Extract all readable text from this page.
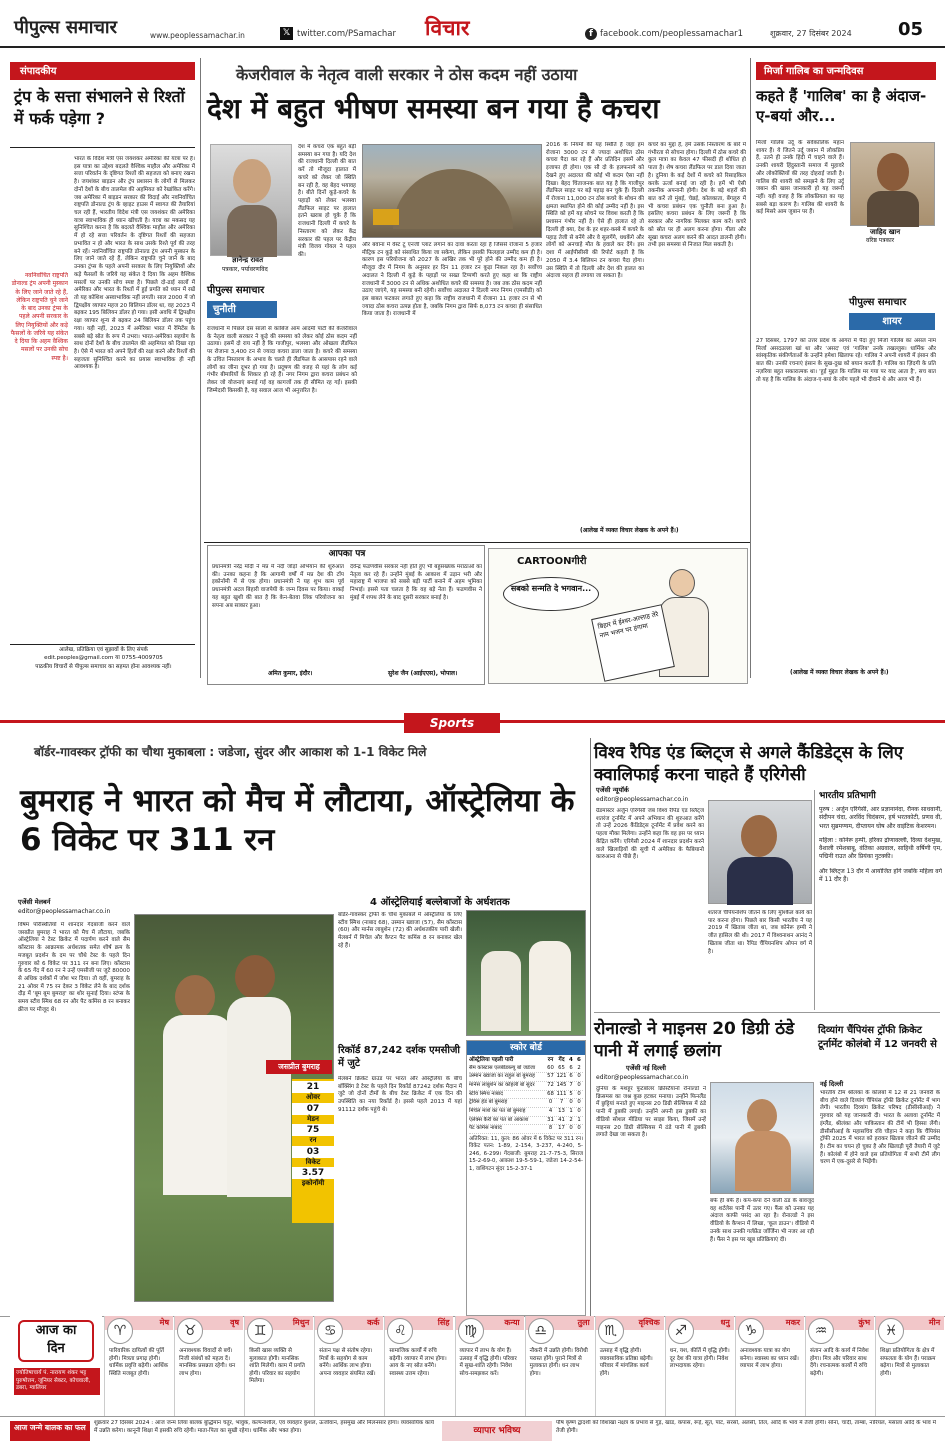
पीपुल्स समाचार	www.peoplessamachar.in	𝕏 twitter.com/PSamachar विचार	f facebook.com/peoplessamachar1	शुक्रवार, 27 दिसंबर 2024	05
संपादकीय
ट्रंप के सत्ता संभालने से रिश्तों में फर्क पड़ेगा ?
नवनिर्वाचित राष्ट्रपति डोनाल्ड ट्रंप अपनी मुस्कान के लिए जाने जाते रहे हैं, लेकिन राष्ट्रपति चुने जाने के बाद उनका ट्रंप्स के पहले अपनी सरकार के लिए नियुक्तियों और कड़े फैसलों के जरिये यह संकेत दे दिया कि अहम वैश्विक मसलों पर उनकी सोच स्पष्ट है।
भारत के विदेश मंत्री एस जयशंकर अमेरिका की यात्रा पर हैं। इस यात्रा का उद्देश्य बदलते वैश्विक माहौल और अमेरिका में सत्ता परिवर्तन के दृष्टिगत रिश्तों की सहजता को बनाए रखना है। जयशंकर बाइडन और ट्रंप प्रशासन के लोगों से मिलकर दोनों देशों के बीच तालमेल की अहमियत को रेखांकित करेंगे। जब अमेरिका में बाइडन सरकार की विदाई और नवनिर्वाचित राष्ट्रपति डोनाल्ड ट्रंप के व्हाइट हाउस में स्वागत की तैयारियां चल रही हैं, भारतीय विदेश मंत्री एस जयशंकर की अमेरिका यात्रा स्वाभाविक ही ध्यान खींचती है। यात्रा का मकसद यह सुनिश्चित करना है कि बदलते वैश्विक माहौल और अमेरिका में हो रहे सत्ता परिवर्तन के दृष्टिगत रिश्तों की सहजता प्रभावित न हो और भारत के साथ उसके रिश्ते पूर्व की तरह बने रहें। नवनिर्वाचित राष्ट्रपति डोनाल्ड ट्रंप अपनी मुस्कान के लिए जाने जाते रहे हैं, लेकिन राष्ट्रपति चुने जाने के बाद उनका ट्रंप्स के पहले अपनी सरकार के लिए नियुक्तियों और कड़े फैसलों के जरिये यह संकेत दे दिया कि अहम वैश्विक मसलों पर उनकी सोच स्पष्ट है। पिछले दो-ढाई सालों में अमेरिका और भारत के रिश्तों में हुई प्रगति को ध्यान में रखें तो यह कोशिश अस्वाभाविक नहीं लगती। साल 2000 में जो द्विपक्षीय व्यापार महज 20 बिलियन डॉलर था, वह 2023 में बढ़कर 195 बिलियन डॉलर हो गया। इसी अवधि में द्विपक्षीय रक्षा व्यापार शून्य से बढ़कर 24 बिलियन डॉलर तक पहुंच गया। यही नहीं, 2023 में अमेरिका भारत में रेमिटेंस के सबसे बड़े स्रोत के रूप में उभरा। भारत-अमेरिका सहयोग के साथ दोनों देशों के बीच तालमेल की अहमियत को दिखा रहा है। ऐसे में भारत को अपने हितों की रक्षा करने और रिश्तों की सहजता सुनिश्चित करने का प्रयास स्वाभाविक ही नहीं आवश्यक है।
आलेख, प्रतिक्रिया एवं सुझावों के लिए संपर्क
edit.peoples@gmail.com या 0755-4009705
पाठकीय विचारों से पीपुल्स समाचार का सहमत होना आवश्यक नहीं।
केजरीवाल के नेतृत्व वाली सरकार ने ठोस कदम नहीं उठाया
देश में बहुत भीषण समस्या बन गया है कचरा
ज्ञानेन्द्र रावत
पत्रकार, पर्यावरणविद
देश में कचरा एक बहुत बड़ी समस्या बन गया है। यदि देश की राजधानी दिल्ली की बात करें तो मौजूदा हालात में कचरे को लेकर जो स्थिति बन रही है, वह बेहद भयावह है। बीते दिनों कूड़े-कचरे के पहाड़ों को लेकर भलस्वा लैंडफिल साइट पर हालात इतने खराब हो चुके हैं कि राजधानी दिल्ली में कचरे के निस्तारण को लेकर केंद्र सरकार की पहल पर केंद्रीय मंत्री विजय गोयल ने पहल की।
पीपुल्स समाचार
चुनौती
राजधानी में पिछले दस सालों से काबिज आम आदमी पार्टी की केजरीवाल के नेतृत्व वाली सरकार ने कूड़े की समस्या को लेकर कोई ठोस कदम नहीं उठाया। इसमें दो राय नहीं है कि गाजीपुर, भलस्वा और ओखला लैंडफिल पर रोजाना 3,400 टन से ज्यादा कचरा डाला जाता है। कचरे की समस्या के उचित निस्तारण के अभाव के चलते ही लैंडफिल के आसपास रहने वाले लोगों का जीना दूभर हो गया है। प्रदूषण की वजह से यहां के लोग कई गंभीर बीमारियों के शिकार हो रहे हैं। नगर निगम द्वारा कचरा प्रबंधन को लेकर जो योजनाएं बनाई गई वह कागजों तक ही सीमित रह गईं। इसकी जिम्मेदारी किसकी है, यह सवाल आज भी अनुत्तरित है।
और बवाना में वेस्ट टू एनर्जी प्लांट लगाने का दावा करता रहा है जिससे रोजाना 5 हजार मीट्रिक टन कूड़े को संसाधित किया जा सकेगा, लेकिन इसकी फिलहाल उम्मीद कम ही है। कारण इस परियोजना को 2027 के आखिर तक भी पूरे होने की उम्मीद कम ही है। मौजूदा दौर में निगम के अनुसार हर दिन 11 हजार टन कूड़ा निकल रहा है। सर्वोच्च अदालत ने दिल्ली में कूड़े के पहाड़ों पर सख्त टिप्पणी करते हुए कहा था कि राष्ट्रीय राजधानी में 3000 टन से अधिक अशोधित कचरे की समस्या है। जब तक ठोस कदम नहीं उठाए जाएंगे, यह समस्या बनी रहेगी। सर्वोच्च अदालत ने दिल्ली नगर निगम (एमसीडी) को इस बाबत फटकार लगाते हुए कहा कि राष्ट्रीय राजधानी में रोजाना 11 हजार टन से भी ज्यादा ठोस कचरा उत्पन्न होता है, जबकि निगम द्वारा सिर्फ 8,073 टन कचरा ही संसाधित किया जाता है। राजधानी में
2016 के नियमों की यह स्थिति है जहां हम रोजाना 3000 टन से ज्यादा अशोधित ठोस कचरा पैदा कर रहे हैं और प्रतिदिन इसमें और इजाफा ही होगा। एक सौ दो के हलफनामे को देखने हुए अदालत की कोई भी कदम ऐसा नहीं दिखा। बेहद चिंताजनक बात यह है कि गाजीपुर लैंडफिल साइट पर बड़े पहाड़ बन चुके हैं। दिल्ली में रोजाना 11,000 टन ठोस कचरे के शोधन की क्षमता स्थापित होने की कोई उम्मीद नहीं है। इस स्थिति को हमें यह सोचने पर विवश करती है कि प्रशासन गंभीर नहीं है। ऐसे ही हालात रहे तो दिल्ली ही क्या, देश के हर शहर-कस्बे में कचरे के पहाड़ तेजी से बनेंगे और वे सुलगेंगे, धधकेंगे और लोगों को अनचाहे मौत के हवाले कर देंगे। इस दशा में आईपीसीसी की रिपोर्ट कहती है कि 2050 में 3.4 बिलियन टन कचरा पैदा होगा। उस स्थिति में तो दिल्ली और देश की हालत का अंदाजा सहज ही लगाया जा सकता है।
कचरे का मुद्दा है, हमें उसके निस्तारण के बारे में गंभीरता से सोचना होगा। दिल्ली में ठोस कचरे की कुल मात्रा का केवल 47 फीसदी ही शोधित हो पाता है। शेष कचरा लैंडफिल पर डाल दिया जाता है। दुनिया के कई देशों में कचरे को रिसाइकिल करके ऊर्जा बनाई जा रही है। हमें भी ऐसी तकनीक अपनानी होगी। देश के बड़े शहरों की बात करें तो मुंबई, चेन्नई, कोलकाता, बेंगलुरु में भी कचरा प्रबंधन एक चुनौती बना हुआ है। इसलिए कचरा प्रबंधन के लिए जरूरी है कि सरकार और नागरिक मिलकर काम करें। कचरे को स्रोत पर ही अलग करना होगा। गीला और सूखा कचरा अलग करने की आदत डालनी होगी। तभी इस समस्या से निजात मिल सकती है।
(आलेख में व्यक्त विचार लेखक के अपने हैं।)
आपका पत्र
प्रधानमंत्री नरेंद्र मोदी ने मप्र में नदी जोड़ो अभियान की शुरुआत की। उनका कहना है कि आगामी वर्षों में मप्र देश की टॉप इकोनॉमी में से एक होगा। प्रधानमंत्री ने यह शुभ काम पूर्व प्रधानमंत्री अटल बिहारी वाजपेयी के जन्म दिवस पर किया। वाकई यह बहुत खुशी की बात है कि केन-बेतवा लिंक परियोजना का सपना अब साकार हुआ।
अमित कुमार, इंदौर।
देवेन्द्र फडणवीस सरकार नहीं होते हुए भी बहुसंख्यक मराठाओं का नेतृत्व कर रहे हैं। उन्होंने मुंबई के आकाश में उड़ान भरी और महाराष्ट्र में भाजपा को सबसे बड़ी पार्टी बनाने में अहम भूमिका निभाई। इससे पता चलता है कि वह बड़े नेता हैं। फडणवीस ने मुंबई में शपथ लेने के बाद दूसरी सरकार बनाई है।
सुरेश जैन (आईएएस), भोपाल।
CARTOONगीरी
सबको सन्मति दे भगवान...
बिहार में ईश्वर-अल्लाह तेरे नाम भजन पर हंगामा
मिर्जा गालिब का जन्मदिवस
कहते हैं 'गालिब' का है अंदाज-ए-बयां और...
मिर्जा गालिब उर्दू के सर्वकालिक महान शायर हैं। ये जितने उर्दू जबान में लोकप्रिय हैं, उतने ही उनके हिंदी में चाहने वाले हैं। उनकी शायरी हिंदुस्तानी समाज में मुहावरे और लोकोक्तियों की तरह दोहराई जाती है। गालिब की शायरी को समझने के लिए उर्दू जबान की खास जानकारी हो यह जरूरी नहीं। यही वजह है कि लोकप्रियता का यह सबसे बड़ा कारण है। गालिब की शायरी के कई मिसरे आम जुबान पर हैं।
जाहिद खान
वरिष्ठ पत्रकार
पीपुल्स समाचार
शायर
27 दिसंबर, 1797 को उत्तर प्रदेश के आगरा में पैदा हुए मिर्जा गालिब का असल नाम मिर्जा असदउल्ला खां था और 'असद' एवं 'गालिब' उनके तखल्लुस। धार्मिक और सांस्कृतिक संकीर्णताओं के उन्होंने हमेशा खिलाफ रहे। गालिब ने अपनी शायरी में इंसान की बात की। उनकी रचनाएं इंसान के सुख-दुख को बयान करती हैं। गालिब का ज़िंदगी के प्रति नज़रिया बहुत सकारात्मक था। 'हुई मुद्दत कि गालिब मर गया पर याद आता है', सच बात तो यह है कि गालिब के अंदाज-ए-बयां के लोग पहले भी दीवाने थे और आज भी हैं।
(आलेख में व्यक्त विचार लेखक के अपने हैं।)
Sports
बॉर्डर-गावस्कर ट्रॉफी का चौथा मुकाबला : जडेजा, सुंदर और आकाश को 1-1 विकेट मिले
बुमराह ने भारत को मैच में लौटाया, ऑस्ट्रेलिया के 6 विकेट पर 311 रन
एजेंसी मेलबर्न
editor@peoplessamachar.co.in
4 ऑस्ट्रेलियाई बल्लेबाजों के अर्धशतक
विषम परिस्थितियों में शानदार गेंदबाजी करने वाले जसप्रीत बुमराह ने भारत को मैच में लौटाया, जबकि ऑस्ट्रेलिया ने टेस्ट क्रिकेट में पदार्पण करने वाले सैम कोंस्टास के आक्रामक अर्धशतक समेत शीर्ष क्रम के मजबूत प्रदर्शन के दम पर चौथे टेस्ट के पहले दिन गुरुवार को 6 विकेट पर 311 रन बना लिए। कोंस्टास के 65 गेंद में 60 रन ने उन्हें एमसीजी पर जुटे 80000 से अधिक दर्शकों में जोश भर दिया। तो वहीं, बुमराह के 21 ओवर में 75 रन देकर 3 विकेट लेने के बाद दर्शक दौड़ में 'बूम बूम बुमराह' का शोर सुनाई दिया। स्टंप्स के समय स्टीव स्मिथ 68 रन और पैट कमिंस 8 रन बनाकर क्रीज पर मौजूद थे।
जसप्रीत बुमराह
21
ओवर
07
मेडन
75
रन
03
विकेट
3.57
इकोनॉमी
बॉर्डर-गावस्कर ट्रॉफी के चौथे मुकाबले में ऑस्ट्रेलिया के लिए स्टीव स्मिथ (नाबाद 68), उस्मान ख्वाजा (57), सैम कोंस्टास (60) और मार्नस लाबुशेन (72) की अर्धशतकीय पारी खेली। मेलबर्न में मिचेल और कैप्टन पैट कमिंस 8 रन बनाकर खेल रहे हैं।
रिकॉर्ड 87,242 दर्शक एमसीजी में जुटे
मेलबर्न क्रिकेट ग्राउंड पर भारत और ऑस्ट्रेलिया के बीच बॉक्सिंग डे टेस्ट के पहले दिन रिकॉर्ड 87242 दर्शक मैदान में जुटे जो दोनों टीमों के बीच टेस्ट क्रिकेट में एक दिन की उपस्थिति का नया रिकॉर्ड है। इससे पहले 2013 में यहां 91112 दर्शक पहुंचे थे।
स्कोर बोर्ड
ऑस्ट्रेलिया पहली पारी	रन गेंद 4 6
सैम कोंस्टास एलबीडब्ल्यू बो जडेजा	60 65 6 2
उस्मान ख्वाजा का राहुल बो बुमराह	57 121 6 0
मार्नस लाबुशेन का कोहली बो सुंदर	72 145 7 0
स्टीव स्मिथ नाबाद	68 111 5 0
ट्रेविस हेड बो बुमराह	0	7	0 0
मिचेल मार्श का पंत बो बुमराह	4	13 1 0
एलेक्स कैरी का पंत बो आकाश	31 41 2 1
पैट कमिंस नाबाद	8	17 0 0
अतिरिक्त: 11, कुल: 86 ओवर में 6 विकेट पर 311 रन। विकेट पतन: 1-89, 2-154, 3-237, 4-240, 5-246, 6-299। गेंदबाजी: बुमराह 21-7-75-3, सिराज 15-2-69-0, आकाश 19-5-59-1, जडेजा 14-2-54-1, वाशिंगटन सुंदर 15-2-37-1
विश्व रैपिड एंड ब्लिट्ज से अगले कैंडिडेट्स के लिए क्वालिफाई करना चाहते हैं एरिगेसी
एजेंसी न्यूयॉर्क
editor@peoplessamachar.co.in
ग्रैंडमास्टर अर्जुन एरिगेसी जब विश्व रैपिड एंड ब्लिट्ज शतरंज टूर्नामेंट में अपने अभियान की शुरुआत करेंगे तो उन्हें 2026 कैंडिडेट्स टूर्नामेंट में प्रवेश करने का पहला मौका मिलेगा। उन्होंने कहा कि वह इस पर ध्यान केंद्रित करेंगे। एरिगेसी 2024 में शानदार प्रदर्शन करने वाले खिलाड़ियों की सूची में अमेरिका के फैबियानो कारुआना से पीछे हैं।
शतरंज चैंपियनशिप जीतने के लिए मुश्किल कार्य को पार करना होगा। पिछले बार किसी भारतीय ने यह 2019 में खिताब जीता था, जब कोनेरू हम्पी ने जीत हासिल की थी। 2017 में विश्वनाथन आनंद ने खिताब जीता था। रैपिड चैंपियनशिप ओपन वर्ग में है।
भारतीय प्रतिभागी
पुरुष : अर्जुन एरिगेसी, आर प्रज्ञानानंदा, रौनक साधवानी, संदीपन चंदा, अरविंद चिदंबरम, हर्ष भरतकोटी, प्रणव वी, भरत सुब्रमण्यम, दीप्तायन घोष और वाइंटिक केशरमन।
महिला : कोनेरू हम्पी, हरिका द्रोणावल्ली, दिव्या देशमुख, वैशाली रमेशबाबू, वंतिका अग्रवाल, साहिथी वर्षिणी एम, पद्मिनी राउत और प्रियंका नुटक्की।
और ब्लिट्ज 13 दौर में आयोजित होंगे जबकि महिला वर्ग में 11 दौर हैं।
रोनाल्डो ने माइनस 20 डिग्री ठंडे पानी में लगाई छलांग
एजेंसी नई दिल्ली
editor@peoplessamachar.co.in
दुनिया के मशहूर फुटबॉलर क्रिस्टियानो रोनाल्डो ने क्रिसमस का जश्न कुछ हटकर मनाया। उन्होंने फिनलैंड में छुट्टियां मनाते हुए माइनस 20 डिग्री सेल्सियस में ठंडे पानी में डुबकी लगाई। उन्होंने अपनी इस डुबकी का वीडियो सोशल मीडिया पर साझा किया, जिसमें उन्हें माइनस 20 डिग्री सेल्सियस में ठंडे पानी में डुबकी लगाते देखा जा सकता है।
बर्फ ही बर्फ है। कंप-कंपा देने वाली ठंड के बावजूद वह शर्टलेस पानी में उतर गए। फैंस को उनका यह अंदाज काफी पसंद आ रहा है। रोनाल्डो ने इस वीडियो के कैप्शन में लिखा, 'कूल डाउन'। वीडियो में उनके साथ उनकी गर्लफ्रेंड जॉर्जिना भी नजर आ रही हैं। फैंस ने इस पर खूब प्रतिक्रियाएं दी।
दिव्यांग चैंपियंस ट्रॉफी क्रिकेट टूर्नामेंट कोलंबो में 12 जनवरी से
नई दिल्ली
भारतीय टीम श्रीलंका के कोलंबो में 12 से 21 जनवरी के बीच होने वाले दिव्यांग चैंपियंस ट्रॉफी क्रिकेट टूर्नामेंट में भाग लेगी। भारतीय दिव्यांग क्रिकेट परिषद (डीसीसीआई) ने गुरुवार को यह जानकारी दी। भारत के अलावा टूर्नामेंट में इंग्लैंड, श्रीलंका और पाकिस्तान की टीमें भी हिस्सा लेंगी। डीसीसीआई के महासचिव रवि चौहान ने कहा कि चैंपियंस ट्रॉफी 2025 में भारत को हराकर खिताब जीतने की उम्मीद है। टीम का चयन हो चुका है और खिलाड़ी पूरी तैयारी में जुटे हैं। कोलंबो में होने वाले इस प्रतियोगिता में सभी टीमें लीग चरण में एक-दूसरे से भिड़ेंगी।
आज का
दिन
ज्योतिषाचार्य पं. नारायण शंकर भट्ट पुरुषोत्तम, जूनियर सेक्टर, कोचवाली, डबरा, ग्वालियर
♈
मेष
पारिवारिक दायित्वों की पूर्ति होगी। मित्रता प्रगाढ़ होगी। धार्मिक प्रवृत्ति बढ़ेगी। आर्थिक स्थिति मजबूत होगी।
♉
वृष
अनावश्यक विवादों से बचें। निजी संबंधों को महत्व दें। मानसिक प्रसन्नता रहेगी। धन लाभ होगा।
♊
मिथुन
किसी खास व्यक्ति से मुलाकात होगी। मानसिक शांति मिलेगी। काम में प्रगति होगी। परिवार का सहयोग मिलेगा।
♋
कर्क
संतान पक्ष से संतोष रहेगा। मित्रों के सहयोग से काम बनेंगे। आर्थिक लाभ होगा। अपना व्यवहार संयमित रखें।
♌
सिंह
सामाजिक कार्यों में रुचि बढ़ेगी। व्यापार में लाभ होगा। आय के नए स्रोत बनेंगे। स्वास्थ्य उत्तम रहेगा।
♍
कन्या
व्यापार में लाभ के योग हैं। उत्साह में वृद्धि होगी। परिवार में सुख-शांति रहेगी। निवेश सोच-समझकर करें।
♎
तुला
नौकरी में उन्नति होगी। विरोधी परास्त होंगे। पुराने मित्रों से मुलाकात होगी। धन लाभ होगा।
♏
वृश्चिक
उत्साह में वृद्धि होगी। व्यावसायिक प्रतिष्ठा बढ़ेगी। परिवार में मांगलिक कार्य होंगे।
♐
धनु
धन, यश, कीर्ति में वृद्धि होगी। दूर देश की यात्रा होगी। निवेश लाभदायक रहेगा।
♑
मकर
अनावश्यक यात्रा का योग बनेगा। स्वास्थ्य का ध्यान रखें। व्यापार में लाभ होगा।
♒
कुंभ
संतान आदि के कार्य में निवेश होगा। मित्र और परिवार साथ देंगे। रचनात्मक कार्यों में रुचि बढ़ेगी।
♓
मीन
शिक्षा प्रतियोगिता के क्षेत्र में सफलता के योग हैं। पराक्रम बढ़ेगा। मित्रों से मुलाकात होगी।
आज जन्मे बालक का फल	शुक्रवार 27 दिसंबर 2024 : आज जन्म लिया बालक बुद्धिमान चतुर, भावुक, कल्पनाशील, एवं व्यवहार कुशल, ऊर्जावान, हंसमुख और मिलनसार होगा। व्यवसायिक कार्य में उन्नति करेगा। कानूनी शिक्षा में इसकी रुचि रहेगी। माता-पिता का सुखी रहेगा। धार्मिक और भक्त होगा।	व्यापार भविष्य
पौष कृष्ण द्वादशी को विशाखा नक्षत्र के प्रभाव से गुड़, खांड, कपास, रूई, सूत, पाट, सरसों, अलसी, तिल, आदि के भाव में तेजी होगी। सोना, चांदी, ताम्बा, नारियल, मसाला आदि के भाव में तेजी होगी।
